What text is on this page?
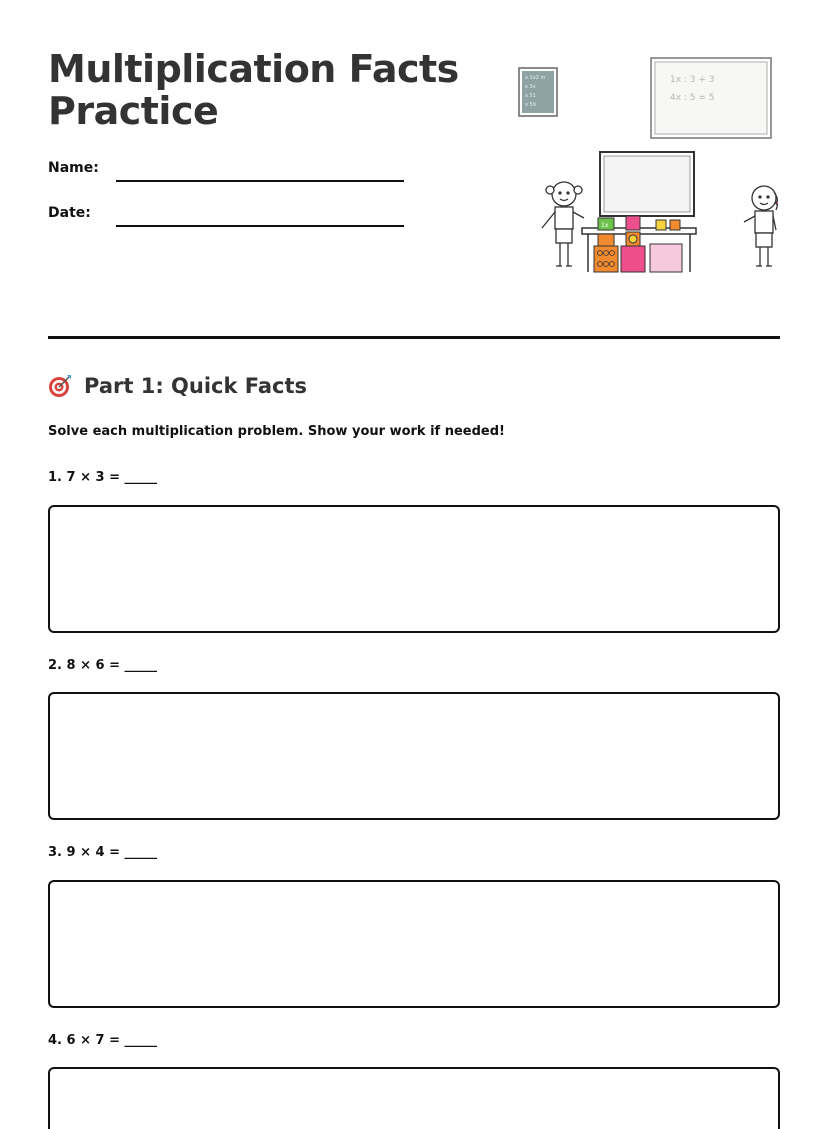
Multiplication Facts Practice
Name:
Date:
x 1x2 m
x 3v
x 51
x 59
1x : 3 + 3
4x : 5 = 5
1x
Part 1: Quick Facts
Solve each multiplication problem. Show your work if needed!
1. 7 × 3 = _____
2. 8 × 6 = _____
3. 9 × 4 = _____
4. 6 × 7 = _____
